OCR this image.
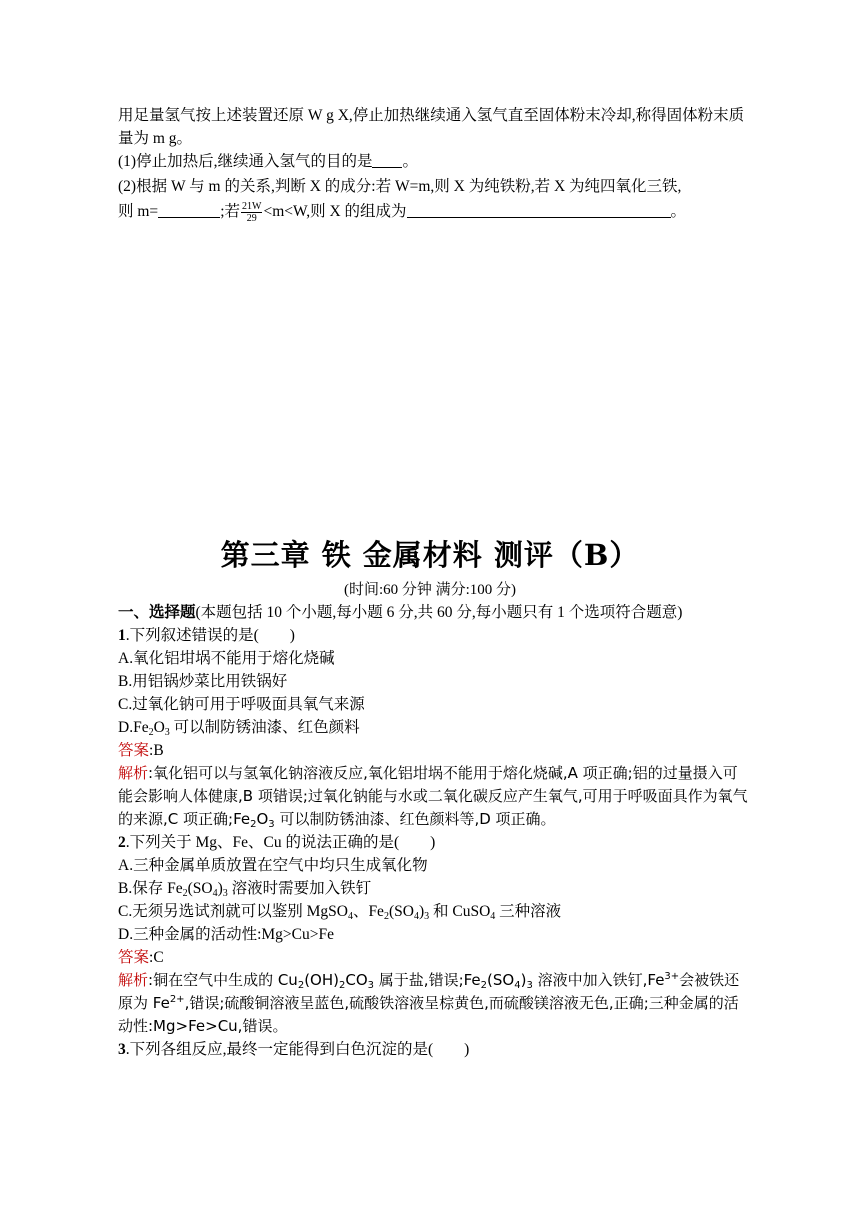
用足量氢气按上述装置还原 W g X,停止加热继续通入氢气直至固体粉末冷却,称得固体粉末质量为 m g。

(1)停止加热后,继续通入氢气的目的是 。

(2)根据 W 与 m 的关系,判断 X 的成分:若 W=m,则 X 为纯铁粉,若 X 为纯四氧化三铁,

则 m=	;若 $\frac{21W}{29} <m<W$,则 X 的组成为	。

第三章 铁 金属材料 测评（B）
(时间:60 分钟 满分:100 分)

一、选择题(本题包括 10 个小题,每小题 6 分,共 60 分,每小题只有 1 个选项符合题意)

1.下列叙述错误的是(　　)

A.氧化铝坩埚不能用于熔化烧碱

B.用铝锅炒菜比用铁锅好

C.过氧化钠可用于呼吸面具氧气来源

$D.Fe_2O_3$ 可以制防锈油漆、红色颜料

答案:B

解析:氧化铝可以与氢氧化钠溶液反应,氧化铝坩埚不能用于熔化烧碱,A 项正确;铝的过量摄入可能会影响人体健康,B 项错误;过氧化钠能与水或二氧化碳反应产生氧气,可用于呼吸面具作为氧气的来源,C 项正确$;Fe_2O_3$ 可以制防锈油漆、红色颜料等,D 项正确。

2.下列关于 Mg、Fe、Cu 的说法正确的是(　　)

A.三种金属单质放置在空气中均只生成氧化物

B.保存 $Fe_2(SO_4)_3$ 溶液时需要加入铁钉

C.无须另选试剂就可以鉴别 MgSO$_4$、$Fe_2(SO_4)_3$ 和 CuSO$_4$ 三种溶液

D.三种金属的活动性:Mg>Cu>Fe

答案:C

解析:铜在空气中生成的 $Cu_2(OH)_2CO_3$ 属于盐,错误$;Fe_2(SO_4)_3$ 溶液中加入铁钉$,Fe^{3+}$会被铁还原为 $Fe^{2+}$,错误;硫酸铜溶液呈蓝色,硫酸铁溶液呈棕黄色,而硫酸镁溶液无色,正确;三种金属的活动性:Mg>Fe>Cu,错误。

3.下列各组反应,最终一定能得到白色沉淀的是(　　)
